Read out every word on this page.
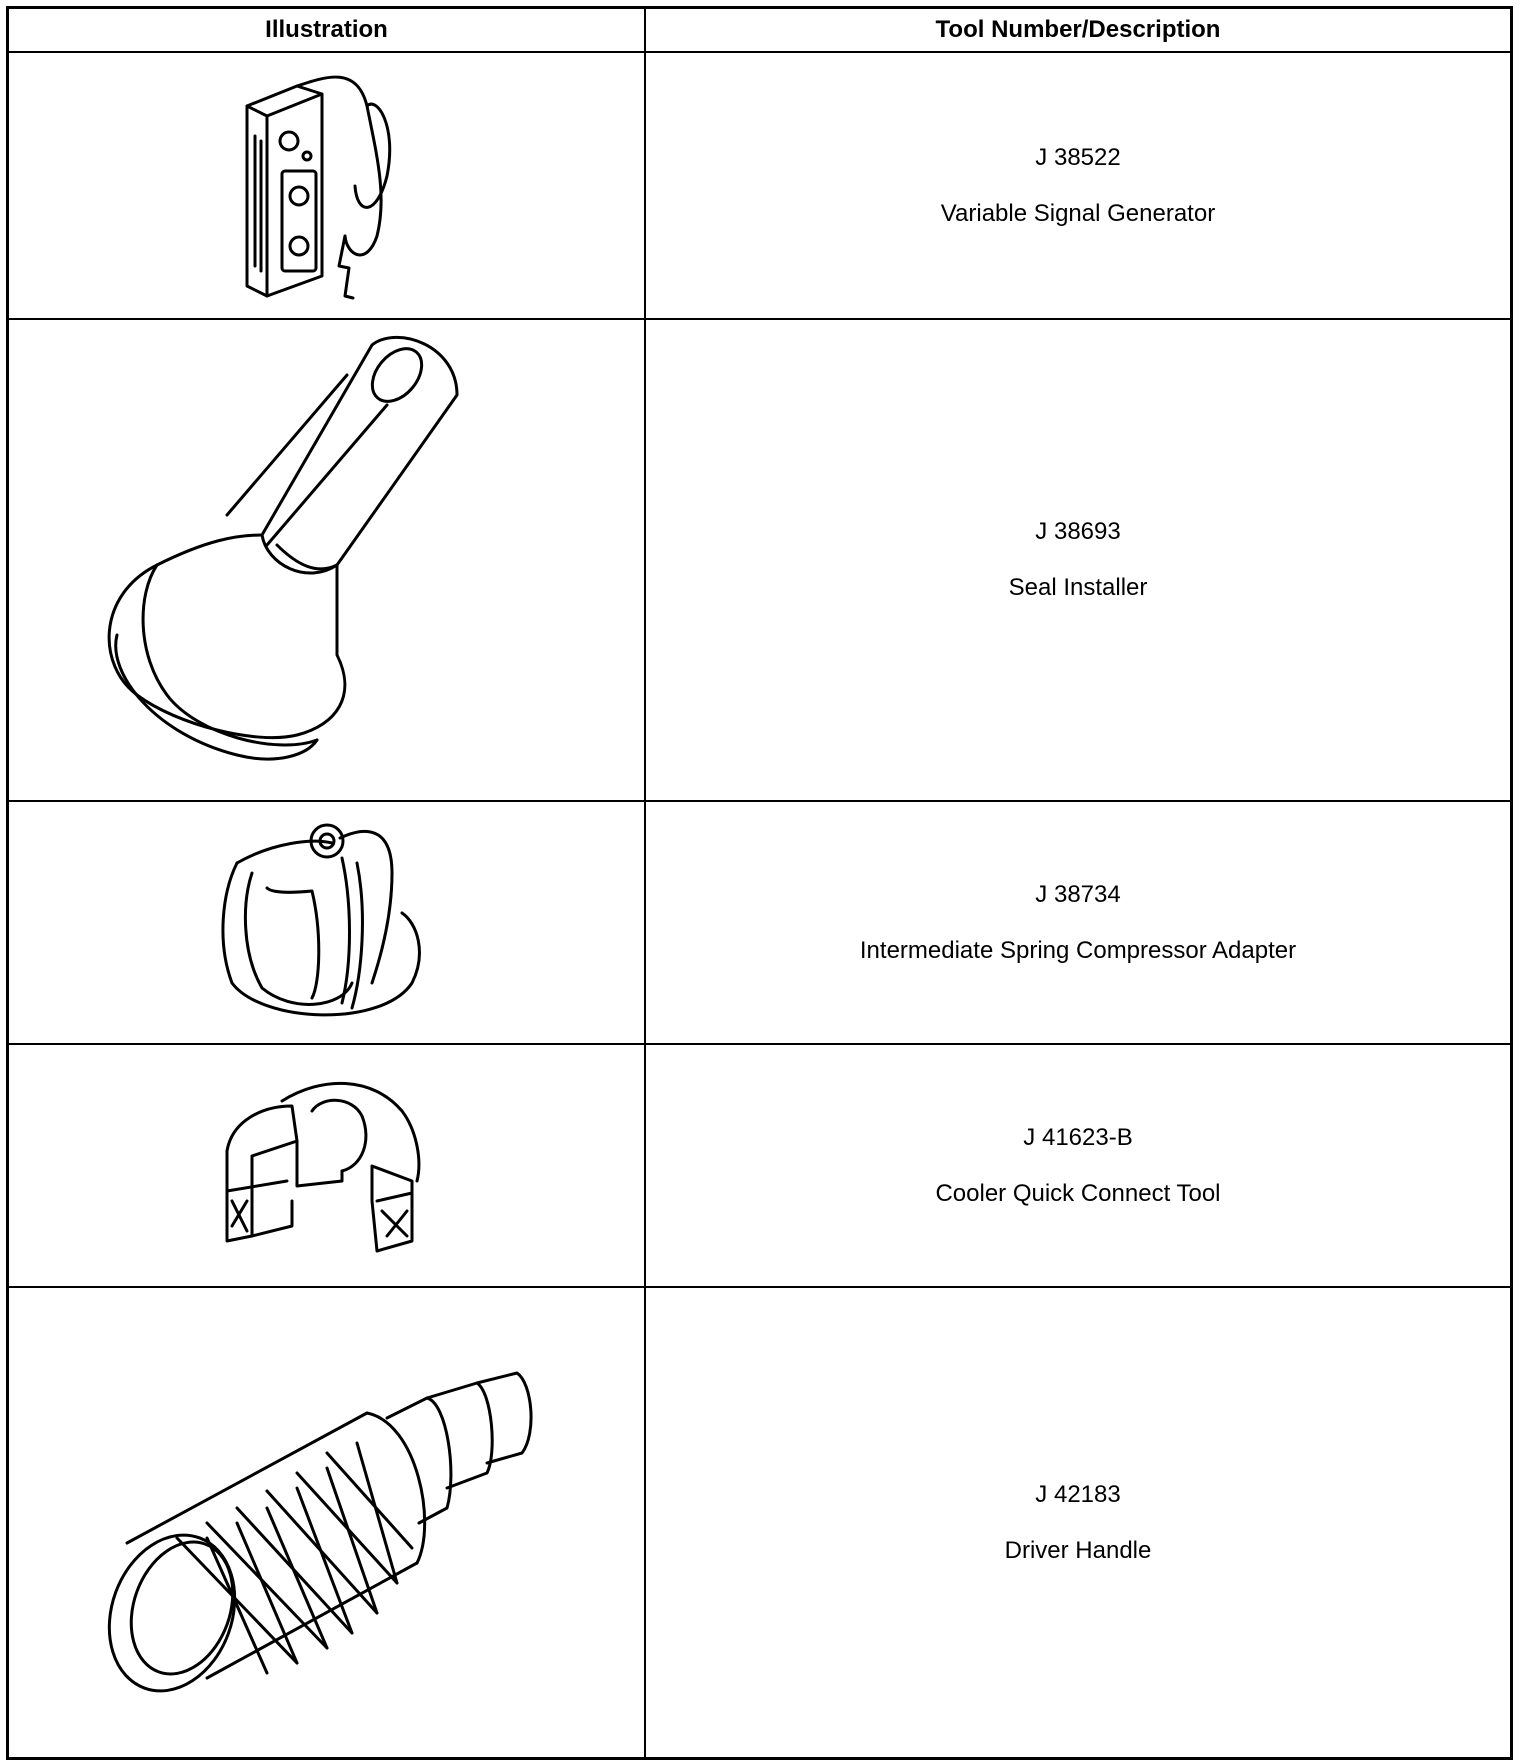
Illustration	Tool Number/Description
J 38522
Variable Signal Generator
J 38693
Seal Installer
J 38734
Intermediate Spring Compressor Adapter
J 41623-B
Cooler Quick Connect Tool
J 42183
Driver Handle
